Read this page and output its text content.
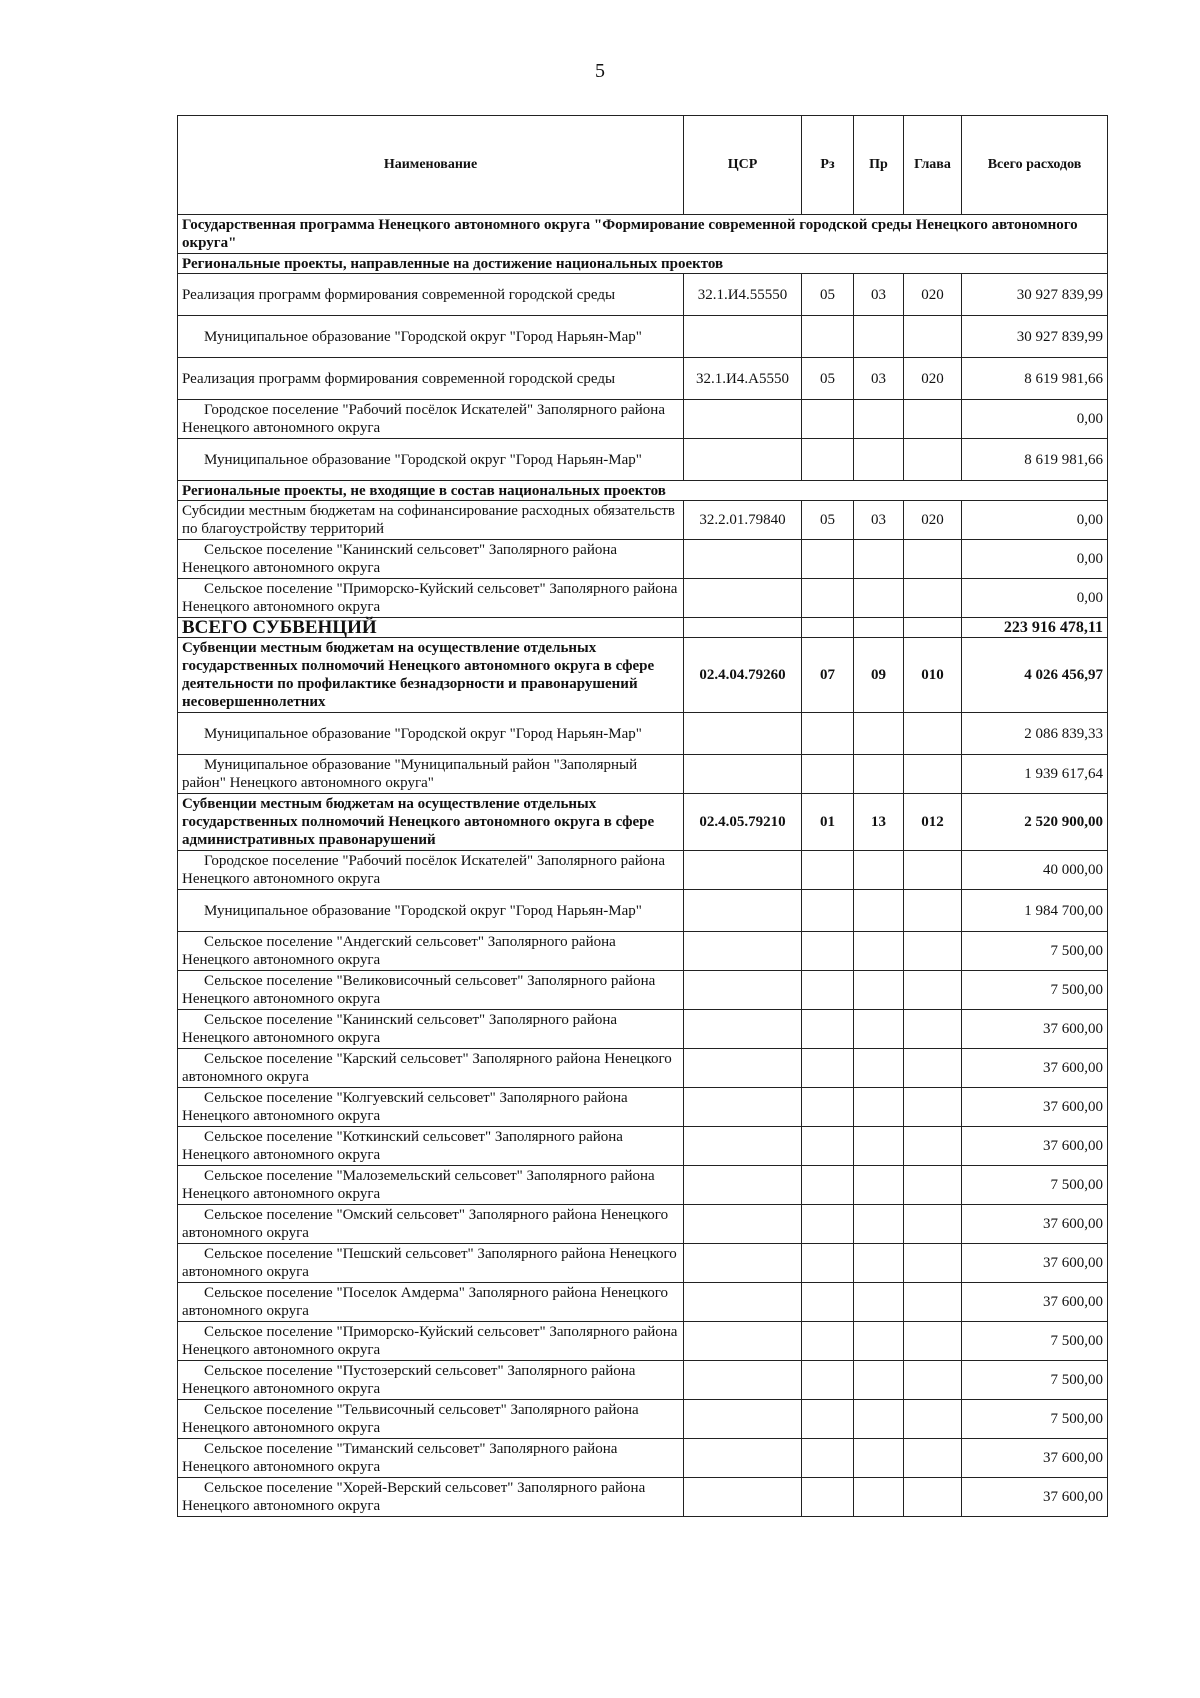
5
Наименование	ЦСР	Рз	Пр	Глава	Всего расходов
Государственная программа Ненецкого автономного округа "Формирование современной городской среды Ненецкого автономного округа"					
Региональные проекты, направленные на достижение национальных проектов					
Реализация программ формирования современной городской среды	32.1.И4.55550	05	03	020	30 927 839,99
Муниципальное образование "Городской округ "Город Нарьян-Мар"					30 927 839,99
Реализация программ формирования современной городской среды	32.1.И4.А5550	05	03	020	8 619 981,66
Городское поселение "Рабочий посёлок Искателей" Заполярного района Ненецкого автономного округа					0,00
Муниципальное образование "Городской округ "Город Нарьян-Мар"					8 619 981,66
Региональные проекты, не входящие в состав национальных проектов					
Субсидии местным бюджетам на софинансирование расходных обязательств по благоустройству территорий	32.2.01.79840	05	03	020	0,00
Сельское поселение "Канинский сельсовет" Заполярного района Ненецкого автономного округа					0,00
Сельское поселение "Приморско-Куйский сельсовет" Заполярного района Ненецкого автономного округа					0,00
ВСЕГО СУБВЕНЦИЙ					223 916 478,11
Субвенции местным бюджетам на осуществление отдельных государственных полномочий Ненецкого автономного округа в сфере деятельности по профилактике безнадзорности и правонарушений несовершеннолетних	02.4.04.79260	07	09	010	4 026 456,97
Муниципальное образование "Городской округ "Город Нарьян-Мар"					2 086 839,33
Муниципальное образование "Муниципальный район "Заполярный район" Ненецкого автономного округа"					1 939 617,64
Субвенции местным бюджетам на осуществление отдельных государственных полномочий Ненецкого автономного округа в сфере административных правонарушений	02.4.05.79210	01	13	012	2 520 900,00
Городское поселение "Рабочий посёлок Искателей" Заполярного района Ненецкого автономного округа					40 000,00
Муниципальное образование "Городской округ "Город Нарьян-Мар"					1 984 700,00
Сельское поселение "Андегский сельсовет" Заполярного района Ненецкого автономного округа					7 500,00
Сельское поселение "Великовисочный сельсовет" Заполярного района Ненецкого автономного округа					7 500,00
Сельское поселение "Канинский сельсовет" Заполярного района Ненецкого автономного округа					37 600,00
Сельское поселение "Карский сельсовет" Заполярного района Ненецкого автономного округа					37 600,00
Сельское поселение "Колгуевский сельсовет" Заполярного района Ненецкого автономного округа					37 600,00
Сельское поселение "Коткинский сельсовет" Заполярного района Ненецкого автономного округа					37 600,00
Сельское поселение "Малоземельский сельсовет" Заполярного района Ненецкого автономного округа					7 500,00
Сельское поселение "Омский сельсовет" Заполярного района Ненецкого автономного округа					37 600,00
Сельское поселение "Пешский сельсовет" Заполярного района Ненецкого автономного округа					37 600,00
Сельское поселение "Поселок Амдерма" Заполярного района Ненецкого автономного округа					37 600,00
Сельское поселение "Приморско-Куйский сельсовет" Заполярного района Ненецкого автономного округа					7 500,00
Сельское поселение "Пустозерский сельсовет" Заполярного района Ненецкого автономного округа					7 500,00
Сельское поселение "Тельвисочный сельсовет" Заполярного района Ненецкого автономного округа					7 500,00
Сельское поселение "Тиманский сельсовет" Заполярного района Ненецкого автономного округа					37 600,00
Сельское поселение "Хорей-Верский сельсовет" Заполярного района Ненецкого автономного округа					37 600,00
